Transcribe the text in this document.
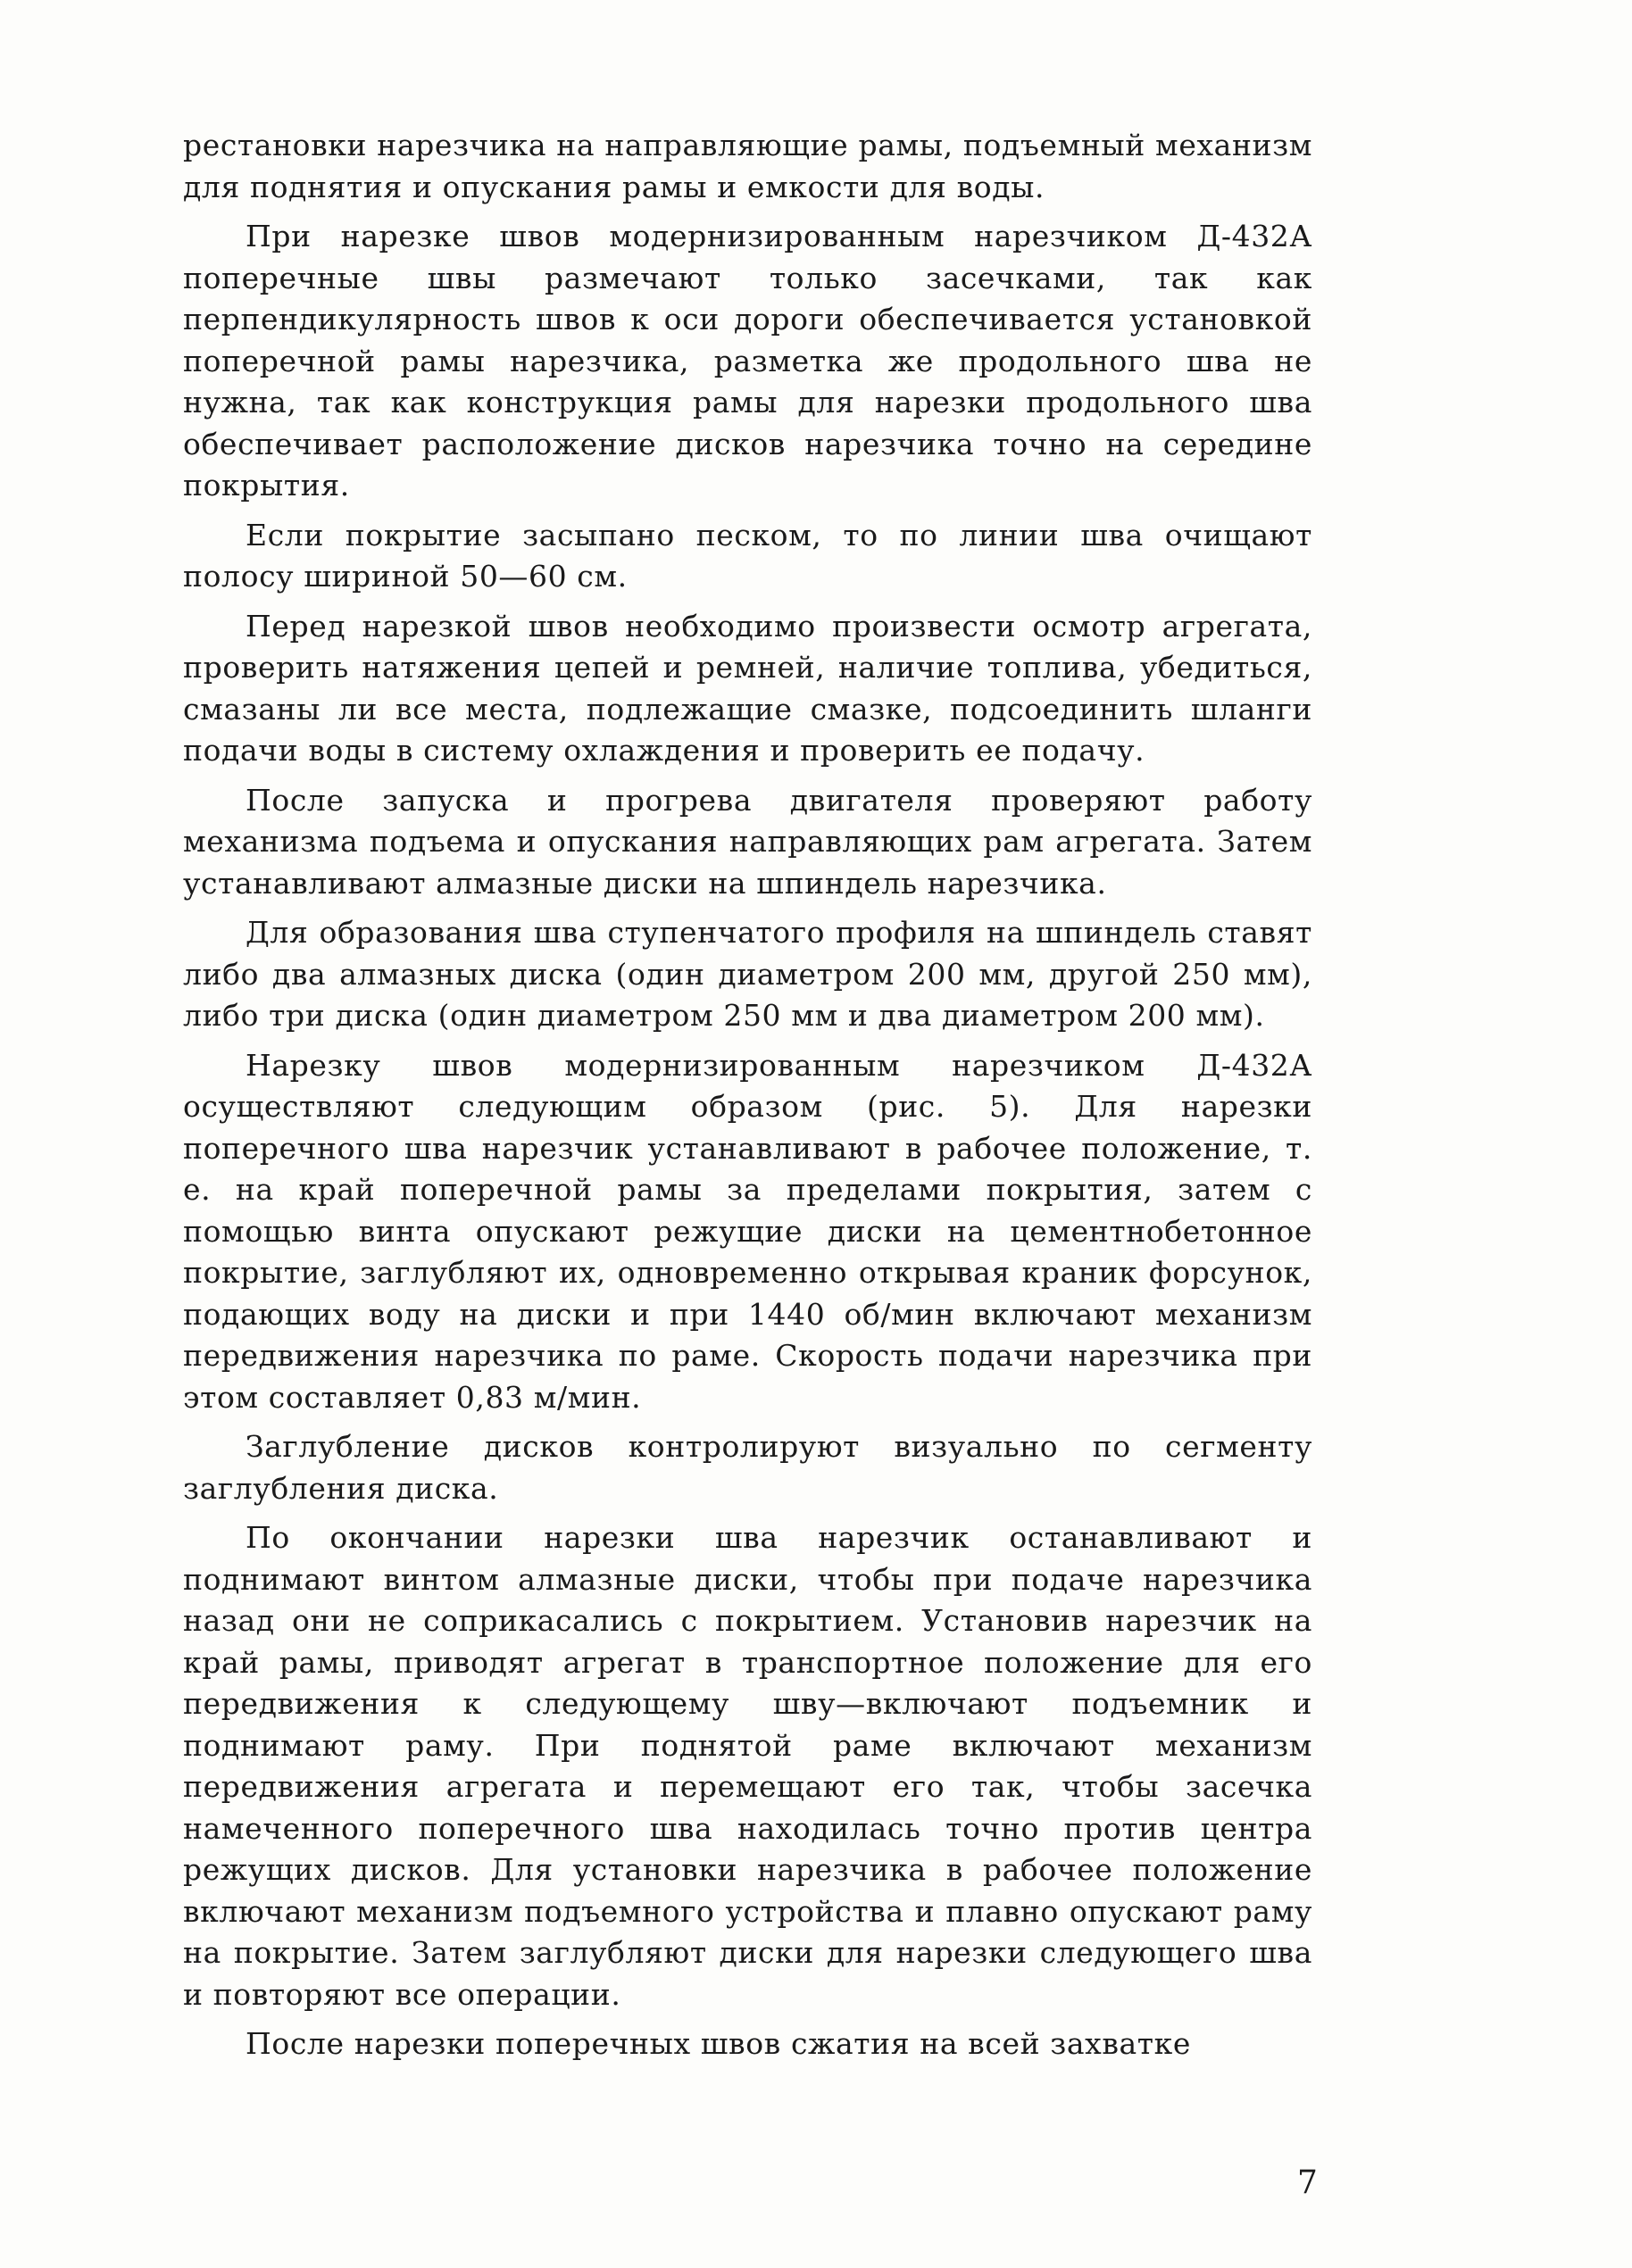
рестановки нарезчика на направляющие рамы, подъемный механизм для поднятия и опускания рамы и емкости для воды.

При нарезке швов модернизированным нарезчиком Д-432А поперечные швы размечают только засечками, так как перпендикулярность швов к оси дороги обеспечивается установкой поперечной рамы нарезчика, разметка же продольного шва не нужна, так как конструкция рамы для нарезки продольного шва обеспечивает расположение дисков нарезчика точно на середине покрытия.

Если покрытие засыпано песком, то по линии шва очищают полосу шириной 50—60 см.

Перед нарезкой швов необходимо произвести осмотр агрегата, проверить натяжения цепей и ремней, наличие топлива, убедиться, смазаны ли все места, подлежащие смазке, подсоединить шланги подачи воды в систему охлаждения и проверить ее подачу.

После запуска и прогрева двигателя проверяют работу механизма подъема и опускания направляющих рам агрегата. Затем устанавливают алмазные диски на шпиндель нарезчика.

Для образования шва ступенчатого профиля на шпиндель ставят либо два алмазных диска (один диаметром 200 мм, другой 250 мм), либо три диска (один диаметром 250 мм и два диаметром 200 мм).

Нарезку швов модернизированным нарезчиком Д-432А осуществляют следующим образом (рис. 5). Для нарезки поперечного шва нарезчик устанавливают в рабочее положение, т. е. на край поперечной рамы за пределами покрытия, затем с помощью винта опускают режущие диски на цементнобетонное покрытие, заглубляют их, одновременно открывая краник форсунок, подающих воду на диски и при 1440 об/мин включают механизм передвижения нарезчика по раме. Скорость подачи нарезчика при этом составляет 0,83 м/мин.

Заглубление дисков контролируют визуально по сегменту заглубления диска.

По окончании нарезки шва нарезчик останавливают и поднимают винтом алмазные диски, чтобы при подаче нарезчика назад они не соприкасались с покрытием. Установив нарезчик на край рамы, приводят агрегат в транспортное положение для его передвижения к следующему шву—включают подъемник и поднимают раму. При поднятой раме включают механизм передвижения агрегата и перемещают его так, чтобы засечка намеченного поперечного шва находилась точно против центра режущих дисков. Для установки нарезчика в рабочее положение включают механизм подъемного устройства и плавно опускают раму на покрытие. Затем заглубляют диски для нарезки следующего шва и повторяют все операции.

После нарезки поперечных швов сжатия на всей захватке

7
